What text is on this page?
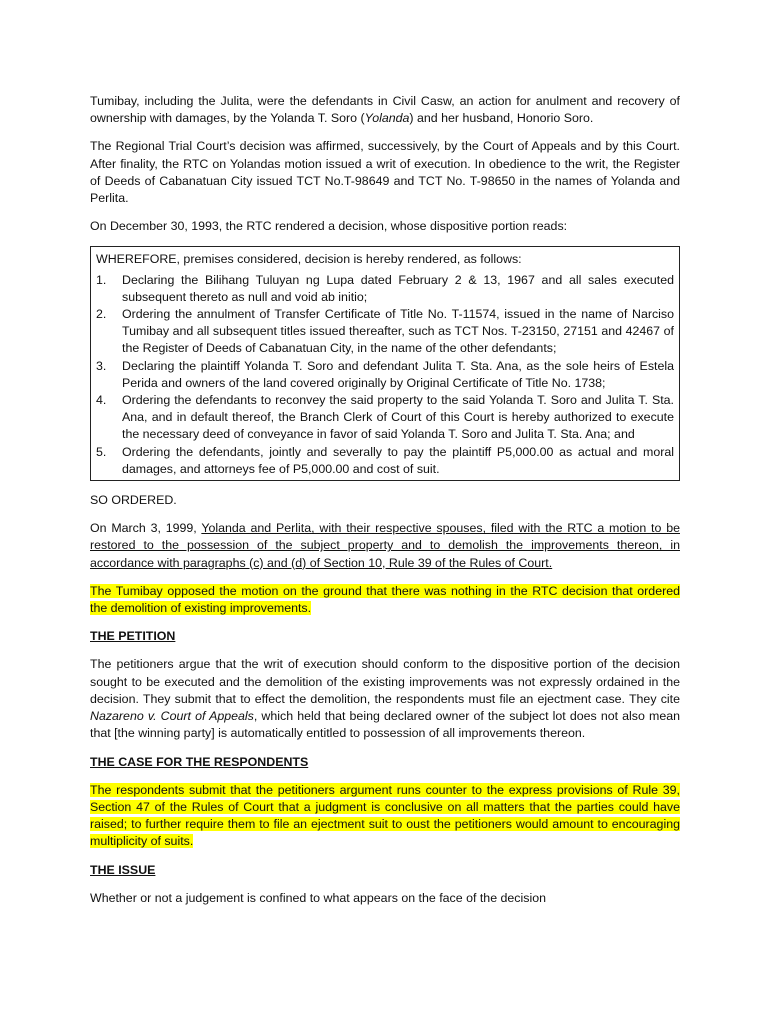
Tumibay, including the Julita, were the defendants in Civil Casw, an action for anulment and recovery of ownership with damages, by the Yolanda T. Soro (Yolanda) and her husband, Honorio Soro.

The Regional Trial Court’s decision was affirmed, successively, by the Court of Appeals and by this Court. After finality, the RTC on Yolandas motion issued a writ of execution. In obedience to the writ, the Register of Deeds of Cabanatuan City issued TCT No.T-98649 and TCT No. T-98650 in the names of Yolanda and Perlita.

On December 30, 1993, the RTC rendered a decision, whose dispositive portion reads:

WHEREFORE, premises considered, decision is hereby rendered, as follows:
1.	Declaring the Bilihang Tuluyan ng Lupa dated February 2 & 13, 1967 and all sales executed subsequent thereto as null and void ab initio;
2.	Ordering the annulment of Transfer Certificate of Title No. T-11574, issued in the name of Narciso Tumibay and all subsequent titles issued thereafter, such as TCT Nos. T-23150, 27151 and 42467 of the Register of Deeds of Cabanatuan City, in the name of the other defendants;
3.	Declaring the plaintiff Yolanda T. Soro and defendant Julita T. Sta. Ana, as the sole heirs of Estela Perida and owners of the land covered originally by Original Certificate of Title No. 1738;
4.	Ordering the defendants to reconvey the said property to the said Yolanda T. Soro and Julita T. Sta. Ana, and in default thereof, the Branch Clerk of Court of this Court is hereby authorized to execute the necessary deed of conveyance in favor of said Yolanda T. Soro and Julita T. Sta. Ana; and
5.	Ordering the defendants, jointly and severally to pay the plaintiff P5,000.00 as actual and moral damages, and attorneys fee of P5,000.00 and cost of suit.
SO ORDERED.

On March 3, 1999, Yolanda and Perlita, with their respective spouses, filed with the RTC a motion to be restored to the possession of the subject property and to demolish the improvements thereon, in accordance with paragraphs (c) and (d) of Section 10, Rule 39 of the Rules of Court.

The Tumibay opposed the motion on the ground that there was nothing in the RTC decision that ordered the demolition of existing improvements.

THE PETITION

The petitioners argue that the writ of execution should conform to the dispositive portion of the decision sought to be executed and the demolition of the existing improvements was not expressly ordained in the decision. They submit that to effect the demolition, the respondents must file an ejectment case. They cite Nazareno v. Court of Appeals, which held that being declared owner of the subject lot does not also mean that [the winning party] is automatically entitled to possession of all improvements thereon.

THE CASE FOR THE RESPONDENTS

The respondents submit that the petitioners argument runs counter to the express provisions of Rule 39, Section 47 of the Rules of Court that a judgment is conclusive on all matters that the parties could have raised; to further require them to file an ejectment suit to oust the petitioners would amount to encouraging multiplicity of suits.

THE ISSUE

Whether or not a judgement is confined to what appears on the face of the decision
